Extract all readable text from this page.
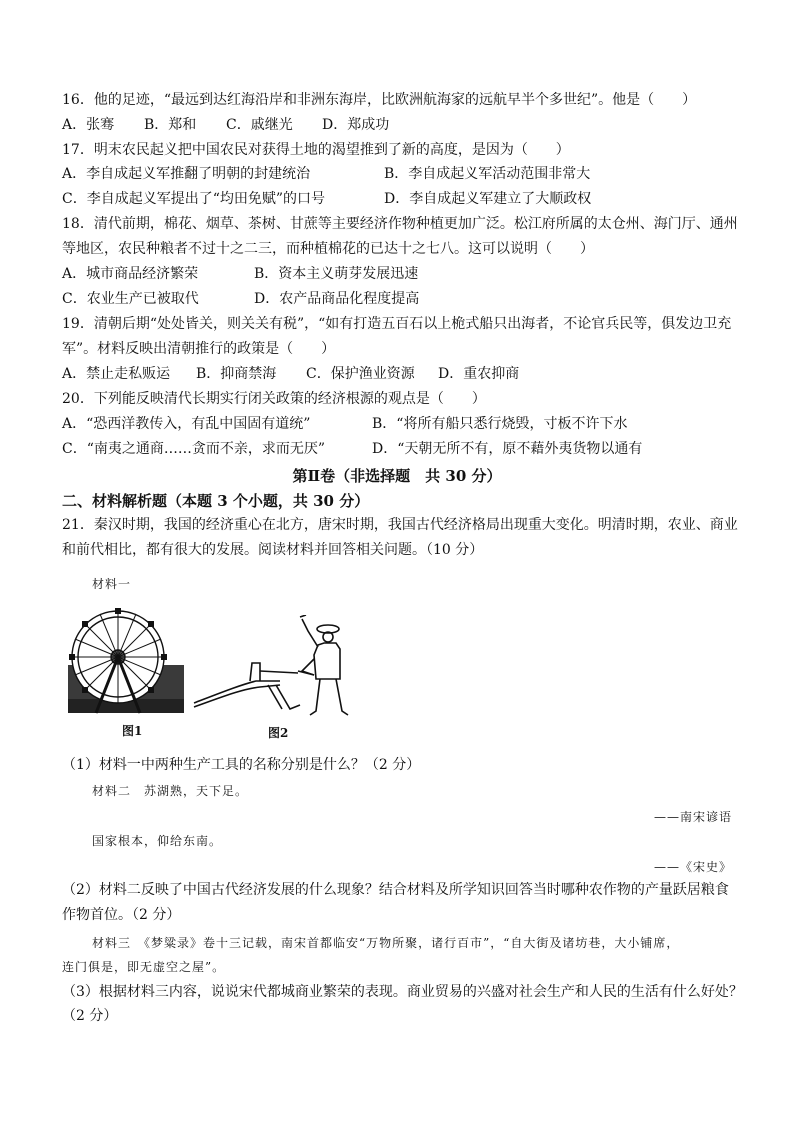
16．他的足迹，“最远到达红海沿岸和非洲东海岸，比欧洲航海家的远航早半个多世纪”。他是（　　）
A．张骞 B．郑和 C．戚继光 D．郑成功
17．明末农民起义把中国农民对获得土地的渴望推到了新的高度，是因为（　　）
A．李自成起义军推翻了明朝的封建统治	B．李自成起义军活动范围非常大
C．李自成起义军提出了“均田免赋”的口号	D．李自成起义军建立了大顺政权
18．清代前期，棉花、烟草、茶树、甘蔗等主要经济作物种植更加广泛。松江府所属的太仓州、海门厅、通州
等地区，农民种粮者不过十之二三，而种植棉花的已达十之七八。这可以说明（　　）
A．城市商品经济繁荣	B．资本主义萌芽发展迅速
C．农业生产已被取代	D．农产品商品化程度提高
19．清朝后期“处处皆关，则关关有税”，“如有打造五百石以上桅式船只出海者，不论官兵民等，俱发边卫充
军”。材料反映出清朝推行的政策是（　　）
A．禁止走私贩运 B．抑商禁海 C．保护渔业资源 D．重农抑商
20．下列能反映清代长期实行闭关政策的经济根源的观点是（　　）
A．“恐西洋教传入，有乱中国固有道统”	B．“将所有船只悉行烧毁，寸板不许下水
C．“南夷之通商……贪而不亲，求而无厌”	D．“天朝无所不有，原不藉外夷货物以通有
第Ⅱ卷（非选择题　共 30 分）
二、材料解析题（本题 3 个小题，共 30 分）
21．秦汉时期，我国的经济重心在北方，唐宋时期，我国古代经济格局出现重大变化。明清时期，农业、商业
和前代相比，都有很大的发展。阅读材料并回答相关问题。（10 分）
材料一
图1	图2
（1）材料一中两种生产工具的名称分别是什么？（2 分）
材料二　苏湖熟，天下足。
——南宋谚语
国家根本，仰给东南。
——《宋史》
（2）材料二反映了中国古代经济发展的什么现象？结合材料及所学知识回答当时哪种农作物的产量跃居粮食
作物首位。（2 分）
材料三　《梦粱录》卷十三记载，南宋首都临安“万物所聚，诸行百市”，“自大街及诸坊巷，大小铺席，
连门俱是，即无虚空之屋”。
（3）根据材料三内容，说说宋代都城商业繁荣的表现。商业贸易的兴盛对社会生产和人民的生活有什么好处？
（2 分）
